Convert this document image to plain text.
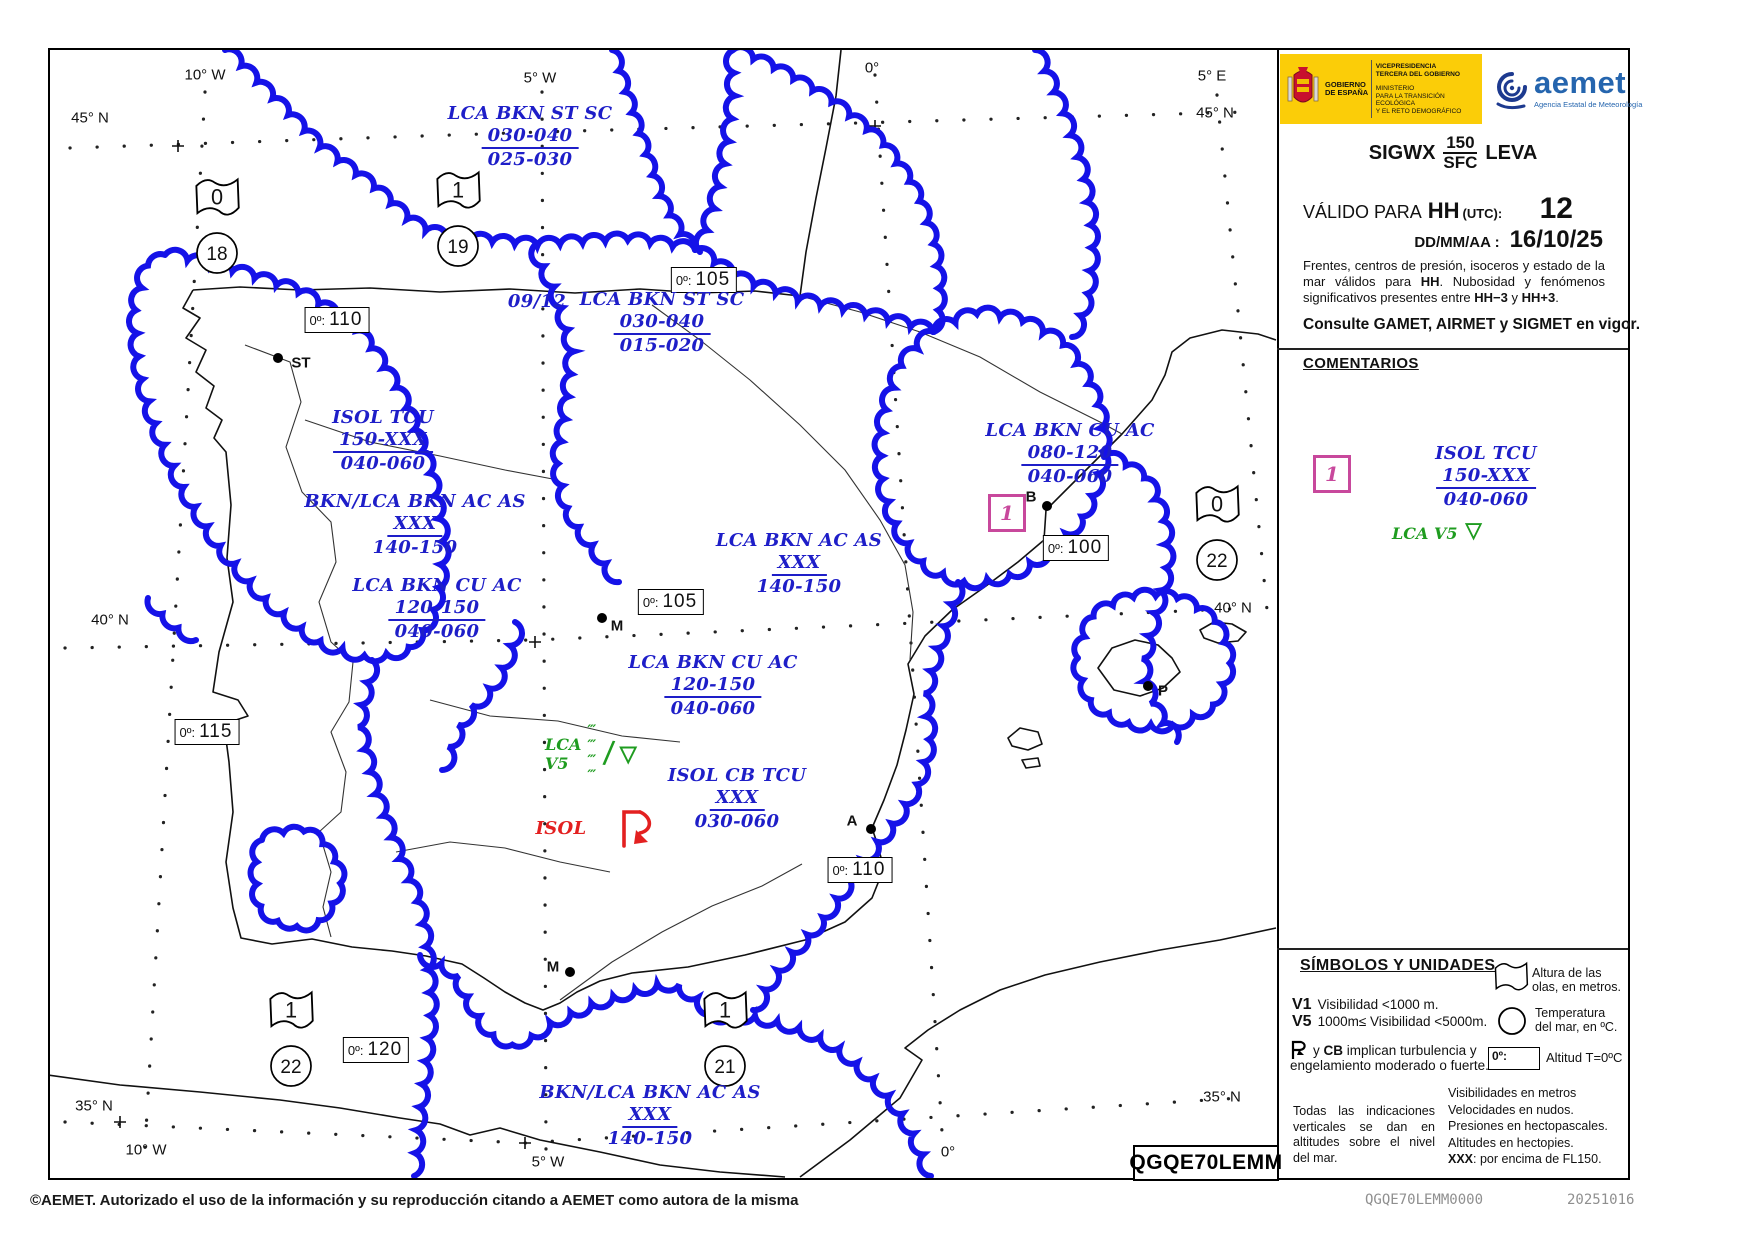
10° W	5° W
0°	5° E
45° N	45° N
40° N
40° N
35° N
35° N
10° W
5° W
0°
ST
M
B
P
A
M
0º: 110
0º: 105
0º: 105
0º: 100
0º: 115
0º: 110
0º: 120
0

18
1

19
0

22
1

22
1

21
LCA BKN ST SC
030-040
025-030
09/12 LCA BKN ST SC
030-040
015-020
ISOL TCU
150-XXX
040-060
BKN/LCA BKN AC AS
XXX
140-150
LCA BKN CU AC
120-150
040-060
LCA BKN AC AS
XXX
140-150
LCA BKN CU AC
120-150
040-060
LCA BKN CU AC
080-120
040-060
ISOL CB TCU
XXX
030-060
BKN/LCA BKN AC AS
XXX
140-150
ISOL
LCA V5
‴ ‴
‴ ‴
/ ▽
1
QGQE70LEMM
GOBIERNO
DE ESPAÑA
VICEPRESIDENCIA
TERCERA DEL GOBIERNO
MINISTERIO
PARA LA TRANSICIÓN ECOLÓGICA
Y EL RETO DEMOGRÁFICO
aemet
Agencia Estatal de Meteorología
SIGWX 150
SFC LEVA
VÁLIDO PARA HH (UTC): 12
DD/MM/AA : 16/10/25
Frentes, centros de presión, isoceros y estado de la mar válidos para HH. Nubosidad y fenómenos significativos presentes entre HH−3 y HH+3.
Consulte GAMET, AIRMET y SIGMET en vigor.
COMENTARIOS
1
ISOL TCU
150-XXX
040-060
LCA V5 ▽
SÍMBOLOS Y UNIDADES
V1 Visibilidad <1000 m.
V5 1000m≤ Visibilidad <5000m.
y CB implican turbulencia y
engelamiento moderado o fuerte.
Altura de las olas, en metros.
Temperatura del mar, en ºC.
0º:	Altitud T=0ºC
Todas las indicaciones verticales se dan en altitudes sobre el nivel del mar.
Visibilidades en metros
Velocidades en nudos.
Presiones en hectopascales.
Altitudes en hectopies.
XXX: por encima de FL150.
©AEMET. Autorizado el uso de la información y su reproducción citando a AEMET como autora de la misma	QGQE70LEMM0000	20251016
